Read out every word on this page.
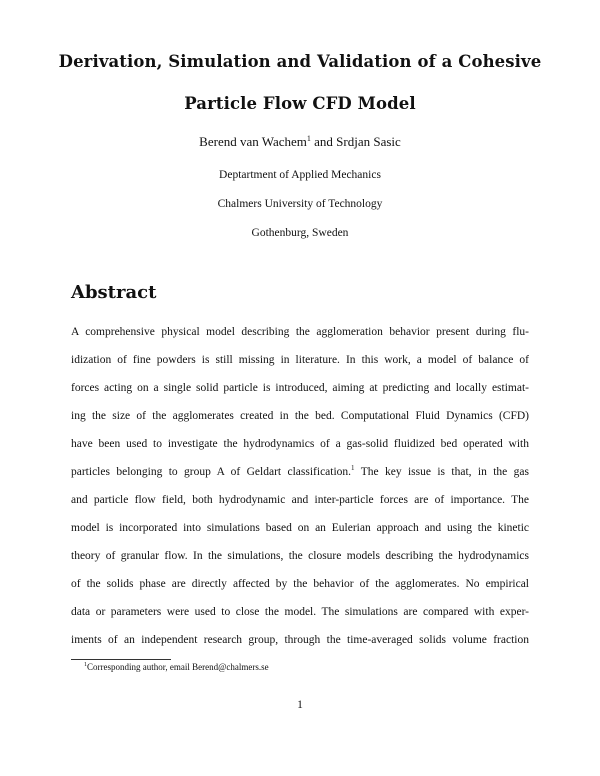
Derivation, Simulation and Validation of a Cohesive
Particle Flow CFD Model
Berend van Wachem$^1$ and Srdjan Sasic
Deptartment of Applied Mechanics
Chalmers University of Technology
Gothenburg, Sweden
Abstract
A comprehensive physical model describing the agglomeration behavior present during flu-
idization of fine powders is still missing in literature. In this work, a model of balance of
forces acting on a single solid particle is introduced, aiming at predicting and locally estimat-
ing the size of the agglomerates created in the bed. Computational Fluid Dynamics (CFD)
have been used to investigate the hydrodynamics of a gas-solid fluidized bed operated with
particles belonging to group A of Geldart classification.$^1$ The key issue is that, in the gas
and particle flow field, both hydrodynamic and inter-particle forces are of importance. The
model is incorporated into simulations based on an Eulerian approach and using the kinetic
theory of granular flow. In the simulations, the closure models describing the hydrodynamics
of the solids phase are directly affected by the behavior of the agglomerates. No empirical
data or parameters were used to close the model. The simulations are compared with exper-
iments of an independent research group, through the time-averaged solids volume fraction
$^1$Corresponding author, email Berend@chalmers.se
1
